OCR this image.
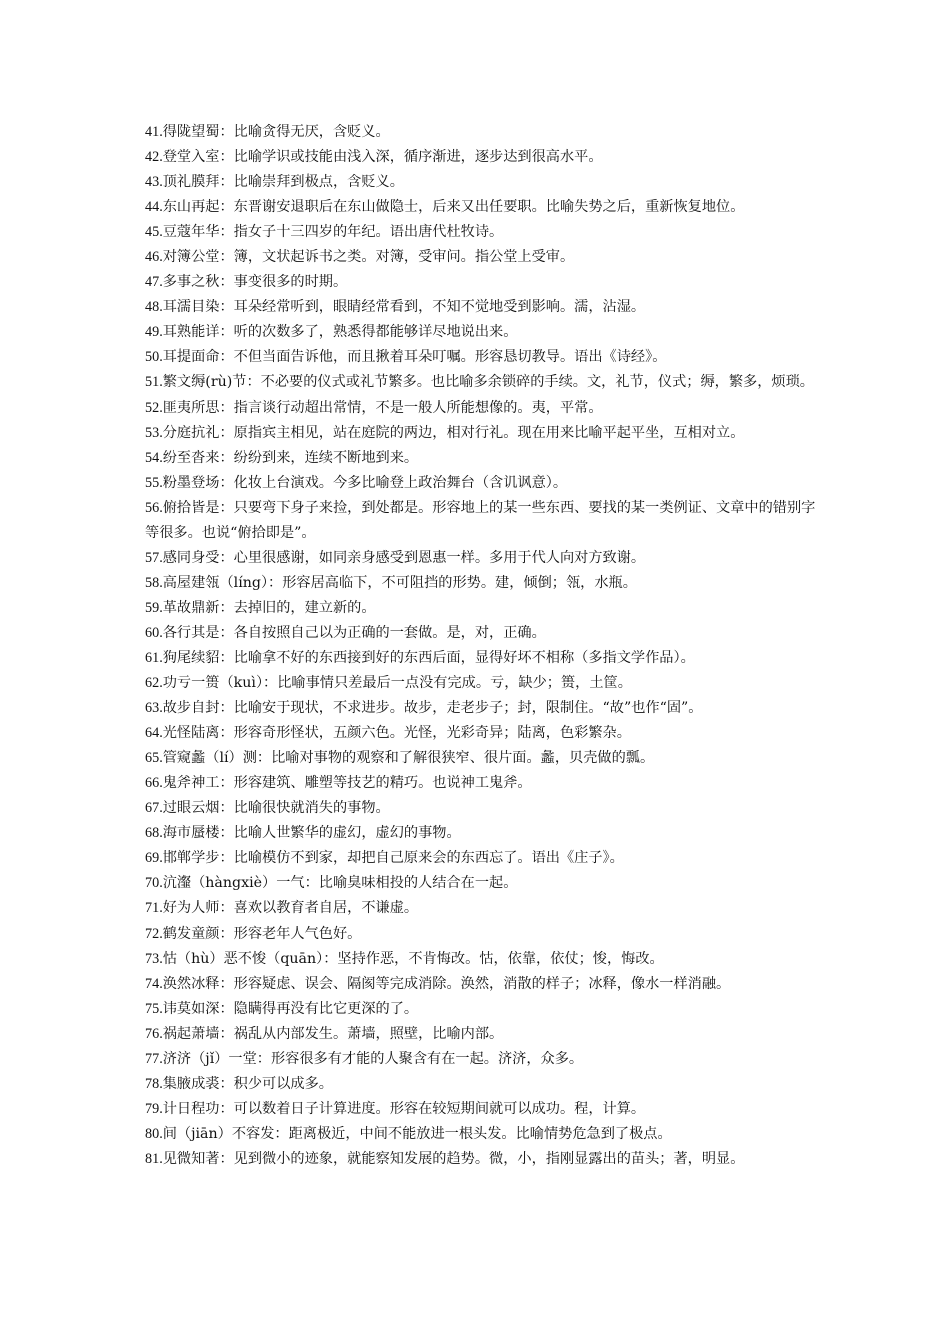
41.得陇望蜀：比喻贪得无厌，含贬义。

42.登堂入室：比喻学识或技能由浅入深，循序渐进，逐步达到很高水平。

43.顶礼膜拜：比喻崇拜到极点，含贬义。

44.东山再起：东晋谢安退职后在东山做隐士，后来又出任要职。比喻失势之后，重新恢复地位。

45.豆蔻年华：指女子十三四岁的年纪。语出唐代杜牧诗。

46.对簿公堂：簿，文状起诉书之类。对簿，受审问。指公堂上受审。

47.多事之秋：事变很多的时期。

48.耳濡目染：耳朵经常听到，眼睛经常看到，不知不觉地受到影响。濡，沾湿。

49.耳熟能详：听的次数多了，熟悉得都能够详尽地说出来。

50.耳提面命：不但当面告诉他，而且揪着耳朵叮嘱。形容恳切教导。语出《诗经》。

51.繁文缛(rù)节：不必要的仪式或礼节繁多。也比喻多余锁碎的手续。文，礼节，仪式；缛，繁多，烦琐。

52.匪夷所思：指言谈行动超出常情，不是一般人所能想像的。夷，平常。

53.分庭抗礼：原指宾主相见，站在庭院的两边，相对行礼。现在用来比喻平起平坐，互相对立。

54.纷至沓来：纷纷到来，连续不断地到来。

55.粉墨登场：化妆上台演戏。今多比喻登上政治舞台（含讥讽意）。

56.俯拾皆是：只要弯下身子来捡，到处都是。形容地上的某一些东西、要找的某一类例证、文章中的错别字等很多。也说“俯拾即是”。

57.感同身受：心里很感谢，如同亲身感受到恩惠一样。多用于代人向对方致谢。

58.高屋建瓴（líng）：形容居高临下，不可阻挡的形势。建，倾倒；瓴，水瓶。

59.革故鼎新：去掉旧的，建立新的。

60.各行其是：各自按照自己以为正确的一套做。是，对，正确。

61.狗尾续貂：比喻拿不好的东西接到好的东西后面，显得好坏不相称（多指文学作品）。

62.功亏一篑（kuì）：比喻事情只差最后一点没有完成。亏，缺少；篑，土筐。

63.故步自封：比喻安于现状，不求进步。故步，走老步子；封，限制住。“故”也作“固”。

64.光怪陆离：形容奇形怪状，五颜六色。光怪，光彩奇异；陆离，色彩繁杂。

65.管窥蠡（lí）测：比喻对事物的观察和了解很狭窄、很片面。蠡，贝壳做的瓢。

66.鬼斧神工：形容建筑、雕塑等技艺的精巧。也说神工鬼斧。

67.过眼云烟：比喻很快就消失的事物。

68.海市蜃楼：比喻人世繁华的虚幻，虚幻的事物。

69.邯郸学步：比喻模仿不到家，却把自己原来会的东西忘了。语出《庄子》。

70.沆瀣（hàngxiè）一气：比喻臭味相投的人结合在一起。

71.好为人师：喜欢以教育者自居，不谦虚。

72.鹤发童颜：形容老年人气色好。

73.怙（hù）恶不悛（quān）：坚持作恶，不肯悔改。怙，依靠，依仗；悛，悔改。

74.涣然冰释：形容疑虑、误会、隔阂等完成消除。涣然，消散的样子；冰释，像水一样消融。

75.讳莫如深：隐瞒得再没有比它更深的了。

76.祸起萧墙：祸乱从内部发生。萧墙，照壁，比喻内部。

77.济济（jǐ）一堂：形容很多有才能的人聚含有在一起。济济，众多。

78.集腋成裘：积少可以成多。

79.计日程功：可以数着日子计算进度。形容在较短期间就可以成功。程，计算。

80.间（jiān）不容发：距离极近，中间不能放进一根头发。比喻情势危急到了极点。

81.见微知著：见到微小的迹象，就能察知发展的趋势。微，小，指刚显露出的苗头；著，明显。
